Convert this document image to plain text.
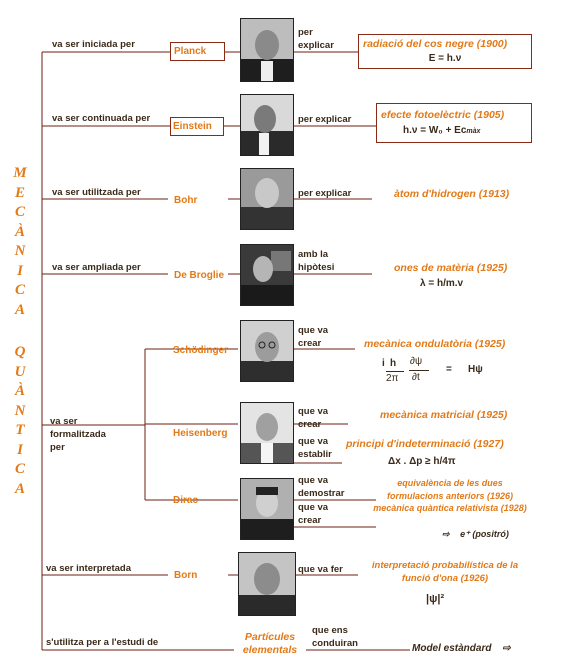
M
E
C
À
N
I
C
A
Q
U
À
N
T
I
C
A
va ser iniciada per
Planck
per explicar	radiació del cos negre (1900)
E = h.ν
va ser continuada per
Einstein
per explicar	efecte fotoelèctric (1905)
h.ν = W₀ + Ecmàx
va ser utilitzada per
Bohr
per explicar	àtom d'hidrogen (1913)
va ser ampliada per
De Broglie
amb la hipòtesi	ones de matèria (1925)
λ = h/m.v
va ser formalitzada per
Schödinger
que va crear	mecànica ondulatòria (1925)
i h
2π
∂ψ
∂t
= Hψ
Heisenberg
que va crear
mecànica matricial (1925)
que va establir
principi d'indeterminació (1927)
Δx . Δp ≥ h/4π
Dirac
que va demostrar
que va crear
equivalència de les dues formulacions anteriors (1926)
mecànica quàntica relativista (1928)
⇨ e⁺ (positró)
va ser interpretada
Born
que va fer	interpretació probabilística de la funció d'ona (1926)
|ψ|²
s'utilitza per a l'estudi de	Partícules elementals
que ens conduiran	Model estàndard ⇨
